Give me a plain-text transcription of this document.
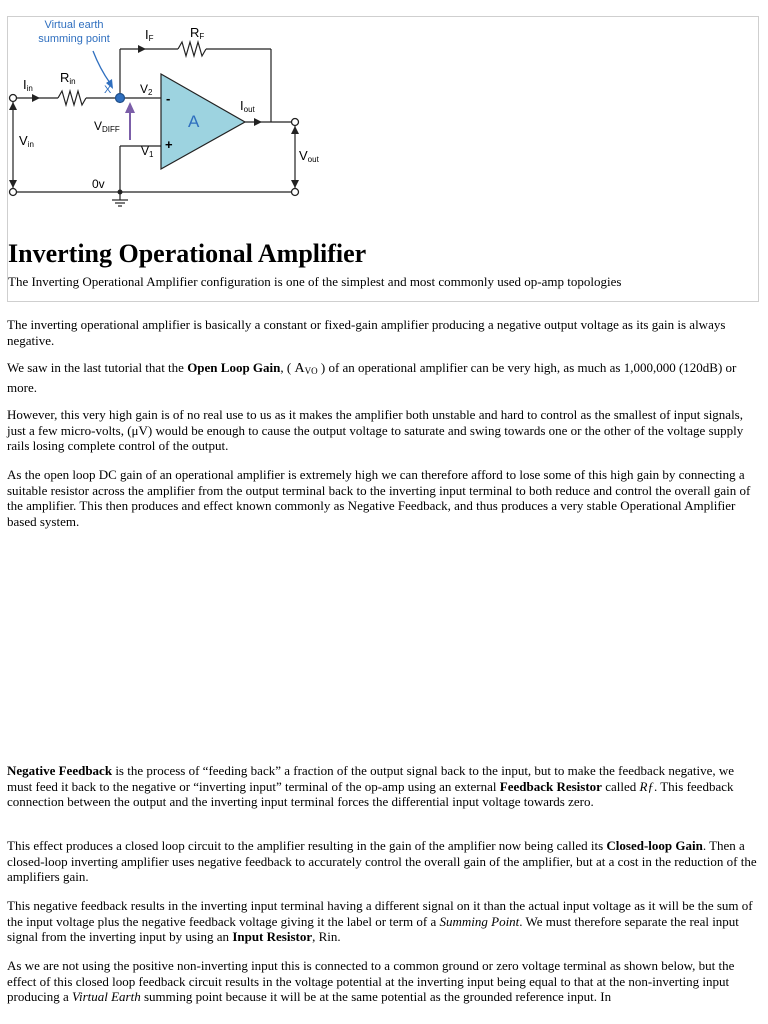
Virtual earth
summing point	IF	RF
Iin
Rin
X V2
VDIFF
V1
-
+
A
Iout
Vin
Vout
0v
Inverting Operational Amplifier

The Inverting Operational Amplifier configuration is one of the simplest and most commonly used op-amp topologies

The inverting operational amplifier is basically a constant or fixed-gain amplifier producing a negative output voltage as its gain is always negative.

We saw in the last tutorial that the Open Loop Gain, ( $A_{VO}$ ) of an operational amplifier can be very high, as much as 1,000,000 (120dB) or more.

However, this very high gain is of no real use to us as it makes the amplifier both unstable and hard to control as the smallest of input signals, just a few micro-volts, (μV) would be enough to cause the output voltage to saturate and swing towards one or the other of the voltage supply rails losing complete control of the output.

As the open loop DC gain of an operational amplifier is extremely high we can therefore afford to lose some of this high gain by connecting a suitable resistor across the amplifier from the output terminal back to the inverting input terminal to both reduce and control the overall gain of the amplifier. This then produces and effect known commonly as Negative Feedback, and thus produces a very stable Operational Amplifier based system.

Negative Feedback is the process of “feeding back” a fraction of the output signal back to the input, but to make the feedback negative, we must feed it back to the negative or “inverting input” terminal of the op-amp using an external Feedback Resistor called Rƒ. This feedback connection between the output and the inverting input terminal forces the differential input voltage towards zero.

This effect produces a closed loop circuit to the amplifier resulting in the gain of the amplifier now being called its Closed-loop Gain. Then a closed-loop inverting amplifier uses negative feedback to accurately control the overall gain of the amplifier, but at a cost in the reduction of the amplifiers gain.

This negative feedback results in the inverting input terminal having a different signal on it than the actual input voltage as it will be the sum of the input voltage plus the negative feedback voltage giving it the label or term of a Summing Point. We must therefore separate the real input signal from the inverting input by using an Input Resistor, Rin.

As we are not using the positive non-inverting input this is connected to a common ground or zero voltage terminal as shown below, but the effect of this closed loop feedback circuit results in the voltage potential at the inverting input being equal to that at the non-inverting input producing a Virtual Earth summing point because it will be at the same potential as the grounded reference input. In
